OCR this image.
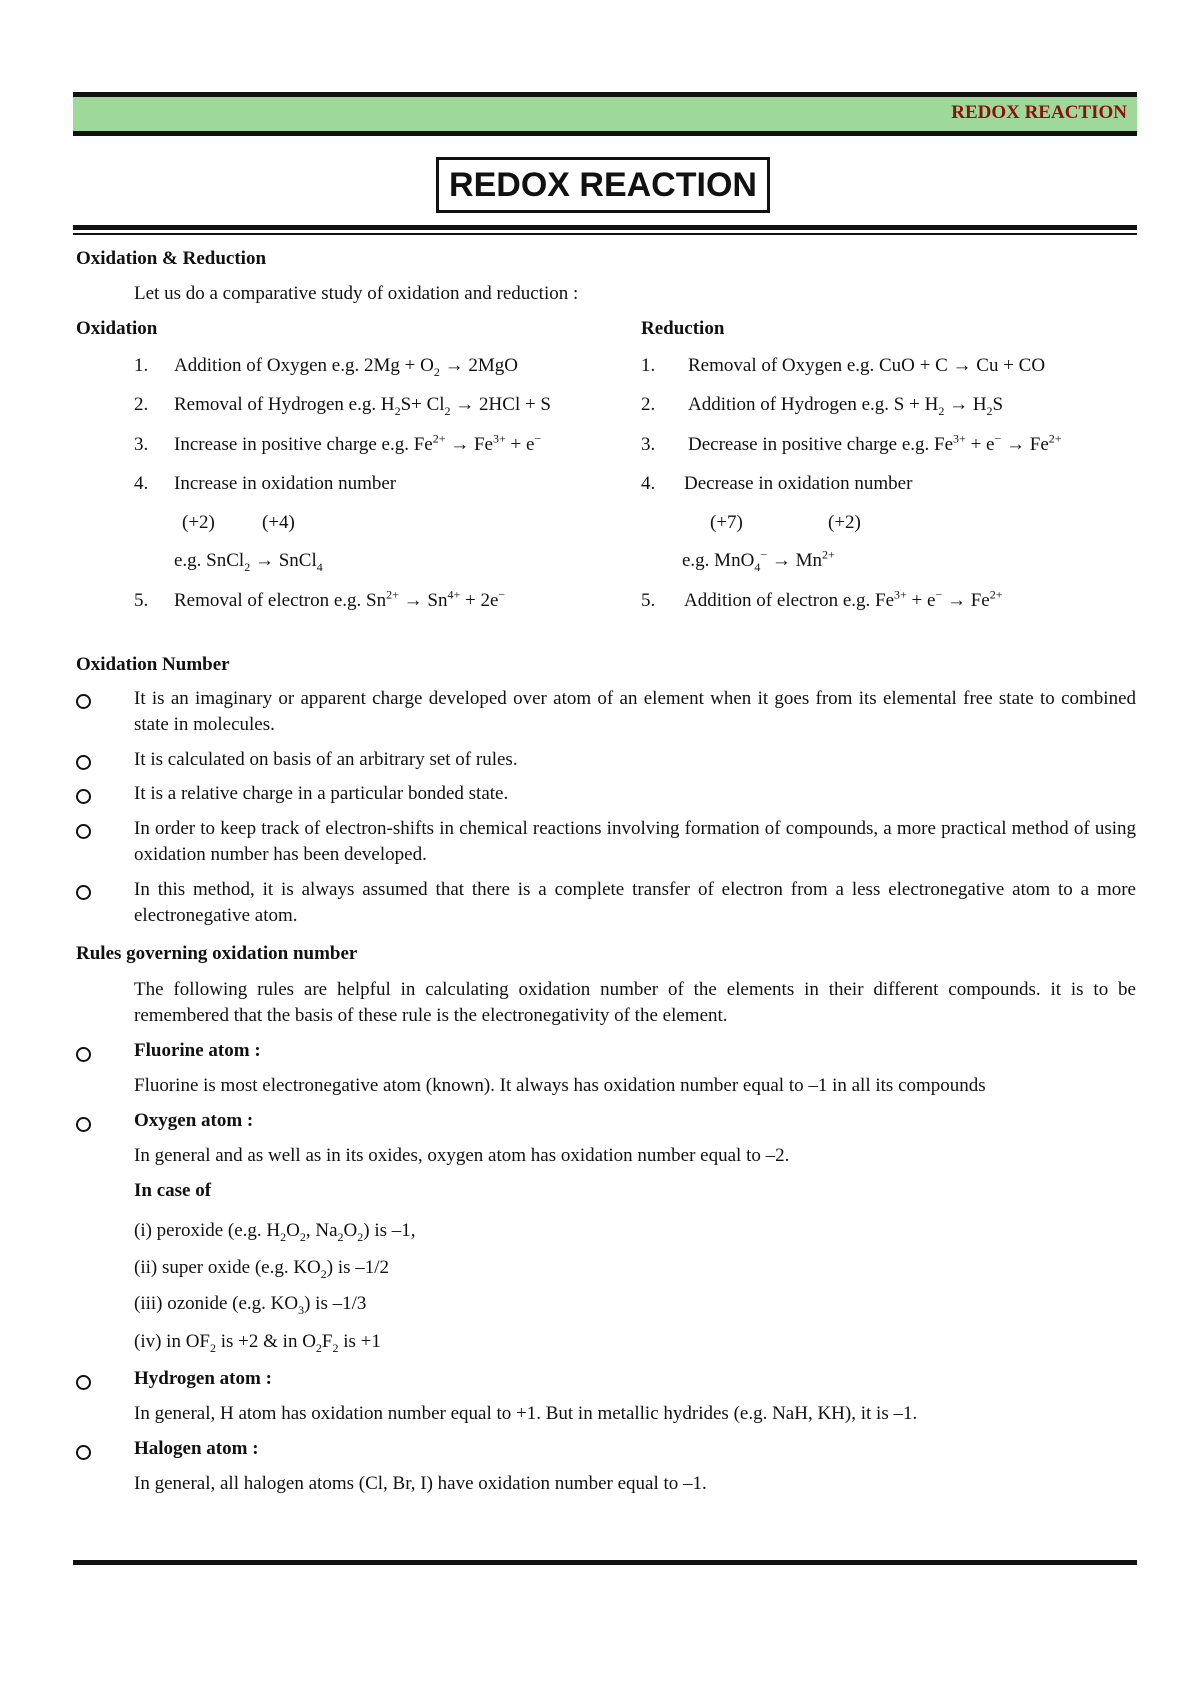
REDOX REACTION
REDOX REACTION
Oxidation & Reduction
Let us do a comparative study of oxidation and reduction :
Oxidation	Reduction
1. Addition of Oxygen e.g. $2Mg + O_2 \to 2MgO$
2. Removal of Hydrogen e.g. $H_2S+ Cl_2 \to 2HCl + S$
3. Increase in positive charge e.g. $Fe^{2+} \to Fe^{3+} + e^-$
4. Increase in oxidation number
(+2) (+4)
e.g. SnCl$_2$ → SnCl$_4$
5. Removal of electron e.g. $Sn^{2+} \to Sn^{4+} + 2e^-$
1. Removal of Oxygen e.g. CuO + C → Cu + CO
2. Addition of Hydrogen e.g. $S + H_2 \to H_2S$
3. Decrease in positive charge e.g. $Fe^{3+} + e^- \to Fe^{2+}$
4. Decrease in oxidation number
(+7)	(+2)
e.g. $MnO_4^- \to Mn^{2+}$
5. Addition of electron e.g. $Fe^{3+} + e^- \to Fe^{2+}$
Oxidation Number
It is an imaginary or apparent charge developed over atom of an element when it goes from its elemental free state to combined state in molecules.
It is calculated on basis of an arbitrary set of rules.
It is a relative charge in a particular bonded state.
In order to keep track of electron-shifts in chemical reactions involving formation of compounds, a more practical method of using oxidation number has been developed.
In this method, it is always assumed that there is a complete transfer of electron from a less electronegative atom to a more electronegative atom.
Rules governing oxidation number
The following rules are helpful in calculating oxidation number of the elements in their different compounds. it is to be remembered that the basis of these rule is the electronegativity of the element.
Fluorine atom :
Fluorine is most electronegative atom (known). It always has oxidation number equal to –1 in all its compounds
Oxygen atom :
In general and as well as in its oxides, oxygen atom has oxidation number equal to –2.
In case of
(i) peroxide (e.g. $H_2O_2$, $Na_2O_2$) is –1,
(ii) super oxide (e.g. $KO_2$) is –1/2
(iii) ozonide (e.g. $KO_3$) is –1/3
(iv) in $OF_2$ is +2 & in $O_2F_2$ is +1
Hydrogen atom :
In general, H atom has oxidation number equal to +1. But in metallic hydrides (e.g. NaH, KH), it is –1.
Halogen atom :
In general, all halogen atoms (Cl, Br, I) have oxidation number equal to –1.
